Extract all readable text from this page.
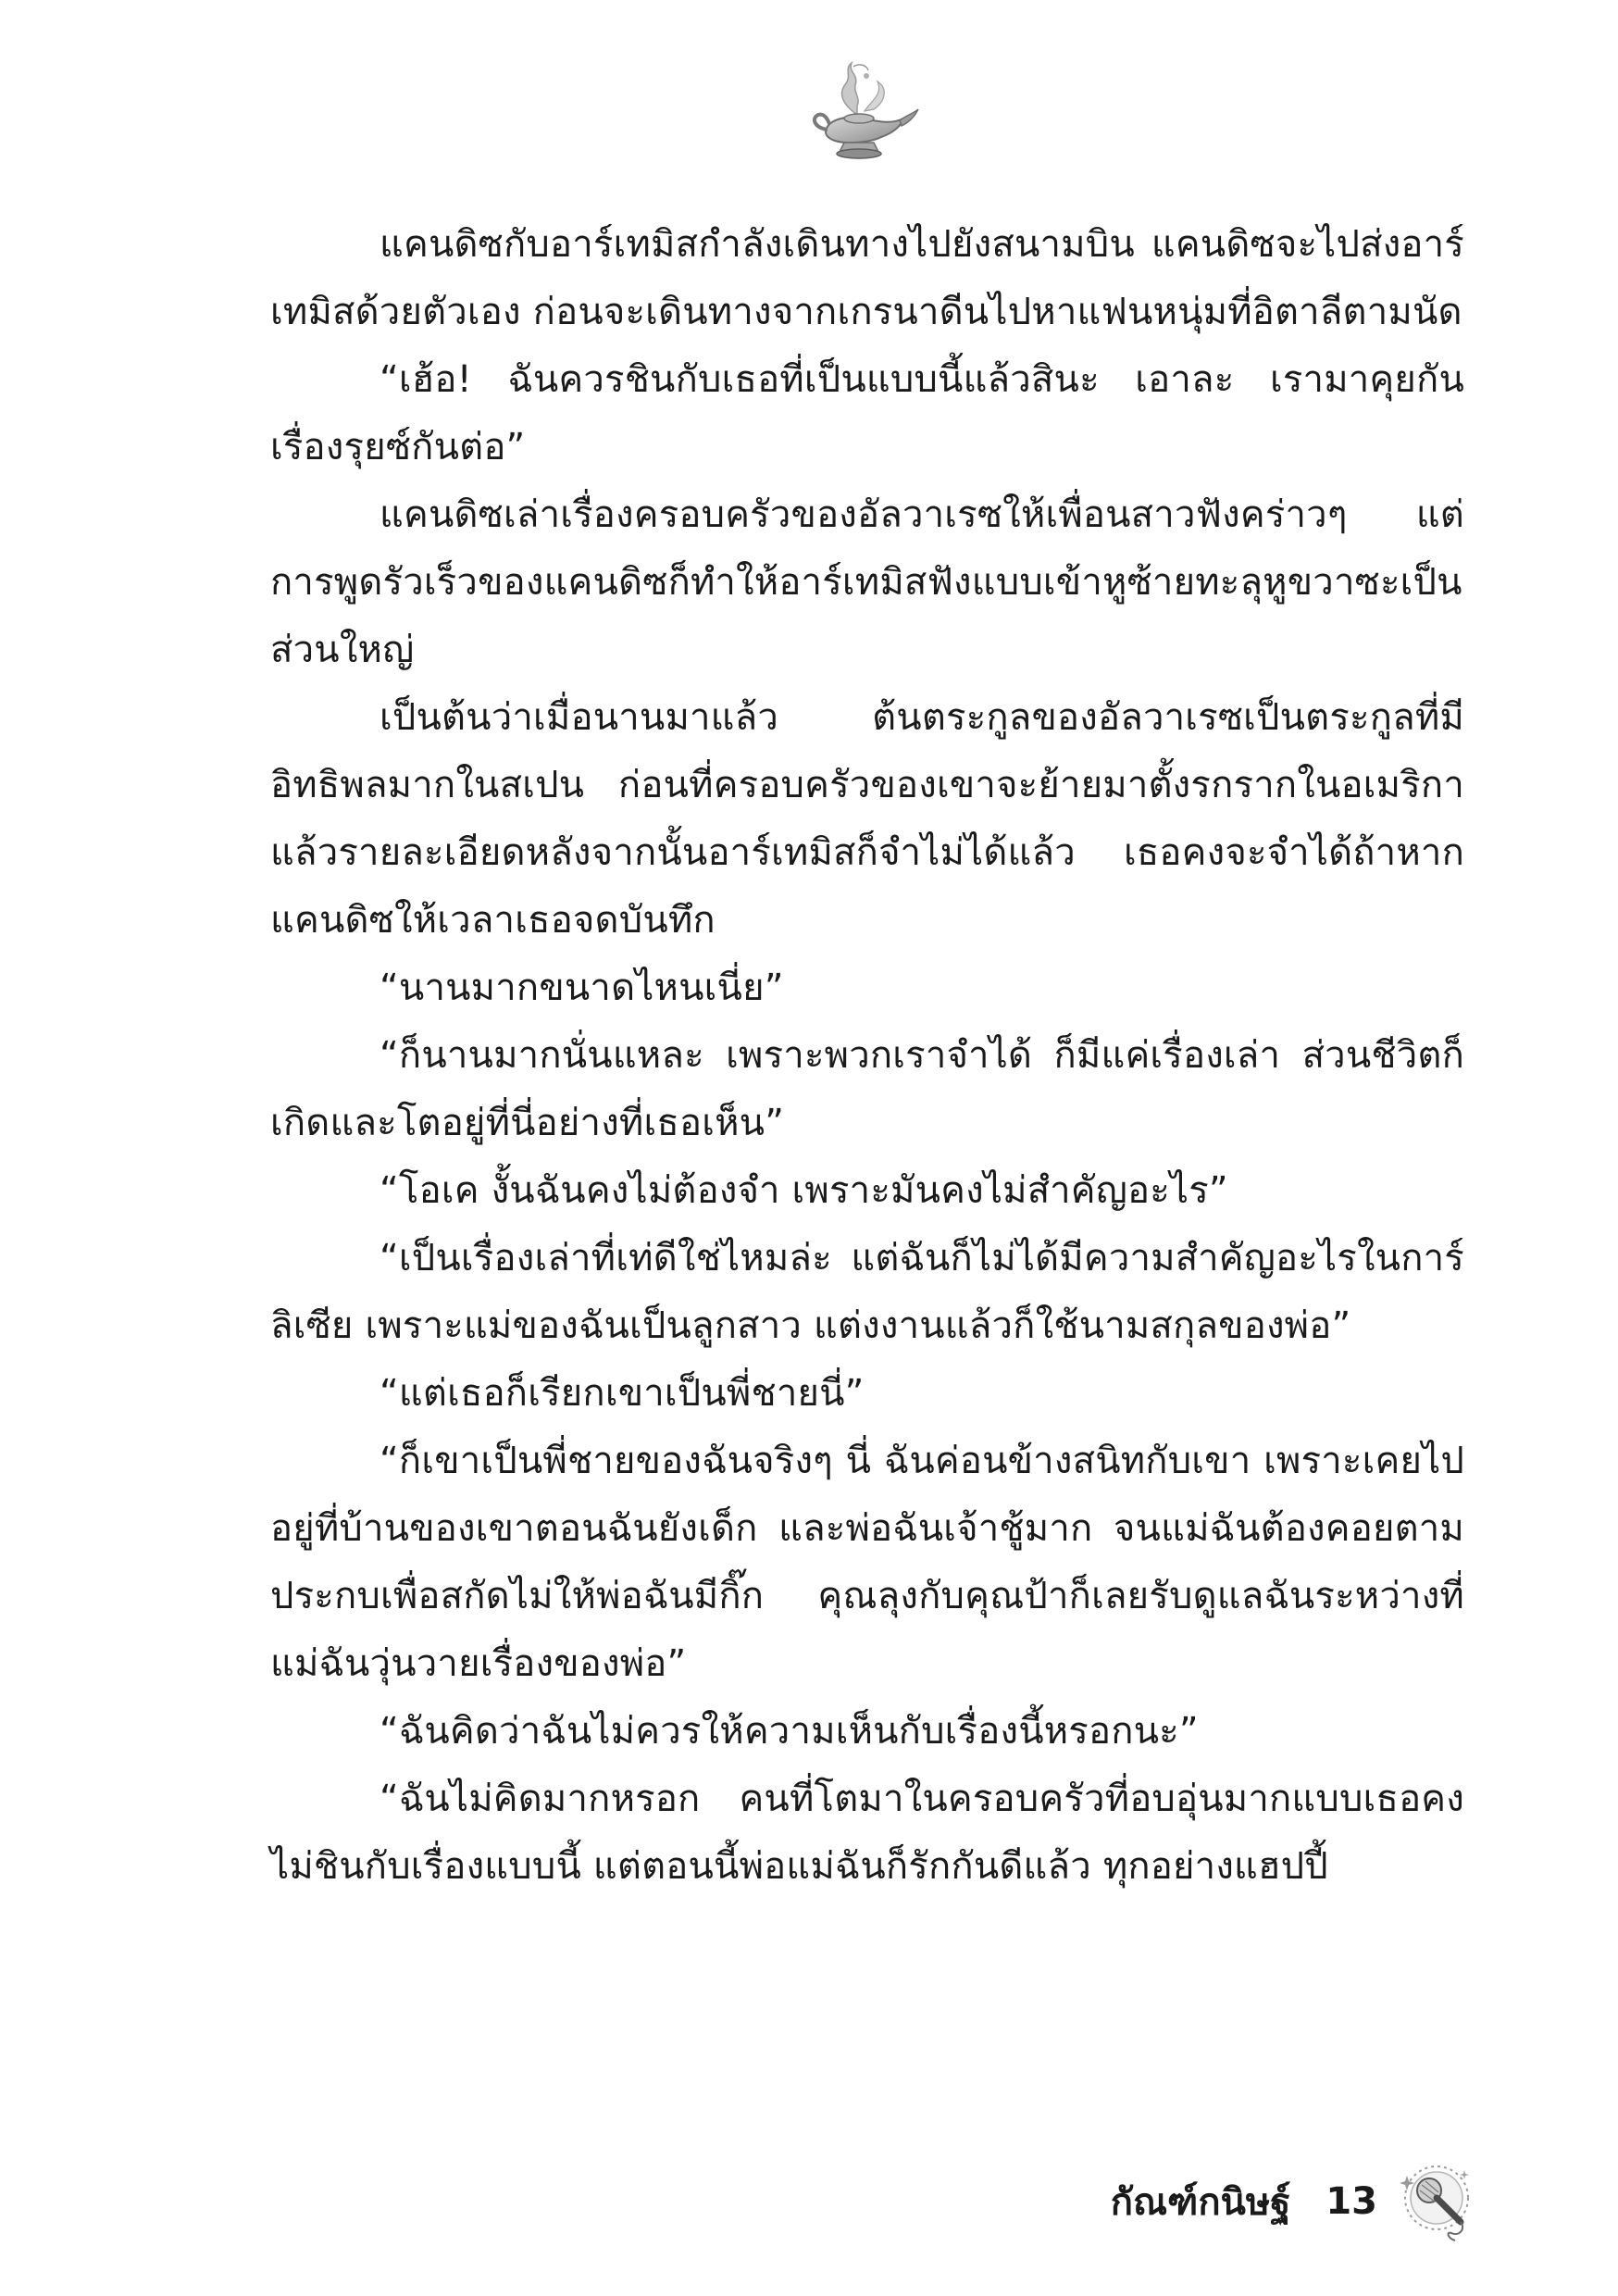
แคนดิซกับอาร์เทมิสกำลังเดินทางไปยังสนามบิน แคนดิซจะไปส่งอาร์เทมิสด้วยตัวเอง ก่อนจะเดินทางจากเกรนาดีนไปหาแฟนหนุ่มที่อิตาลีตามนัด

“เฮ้อ! ฉันควรชินกับเธอที่เป็นแบบนี้แล้วสินะ เอาละ เรามาคุยกันเรื่องรุยซ์กันต่อ”

แคนดิซเล่าเรื่องครอบครัวของอัลวาเรซให้เพื่อนสาวฟังคร่าวๆ แต่การพูดรัวเร็วของแคนดิซก็ทำให้อาร์เทมิสฟังแบบเข้าหูซ้ายทะลุหูขวาซะเป็นส่วนใหญ่

เป็นต้นว่าเมื่อนานมาแล้ว ต้นตระกูลของอัลวาเรซเป็นตระกูลที่มีอิทธิพลมากในสเปน ก่อนที่ครอบครัวของเขาจะย้ายมาตั้งรกรากในอเมริกา แล้วรายละเอียดหลังจากนั้นอาร์เทมิสก็จำไม่ได้แล้ว เธอคงจะจำได้ถ้าหากแคนดิซให้เวลาเธอจดบันทึก

“นานมากขนาดไหนเนี่ย”

“ก็นานมากนั่นแหละ เพราะพวกเราจำได้ ก็มีแค่เรื่องเล่า ส่วนชีวิตก็เกิดและโตอยู่ที่นี่อย่างที่เธอเห็น”

“โอเค งั้นฉันคงไม่ต้องจำ เพราะมันคงไม่สำคัญอะไร”

“เป็นเรื่องเล่าที่เท่ดีใช่ไหมล่ะ แต่ฉันก็ไม่ได้มีความสำคัญอะไรในการ์ลิเซีย เพราะแม่ของฉันเป็นลูกสาว แต่งงานแล้วก็ใช้นามสกุลของพ่อ”

“แต่เธอก็เรียกเขาเป็นพี่ชายนี่”

“ก็เขาเป็นพี่ชายของฉันจริงๆ นี่ ฉันค่อนข้างสนิทกับเขา เพราะเคยไปอยู่ที่บ้านของเขาตอนฉันยังเด็ก และพ่อฉันเจ้าชู้มาก จนแม่ฉันต้องคอยตามประกบเพื่อสกัดไม่ให้พ่อฉันมีกิ๊ก คุณลุงกับคุณป้าก็เลยรับดูแลฉันระหว่างที่แม่ฉันวุ่นวายเรื่องของพ่อ”

“ฉันคิดว่าฉันไม่ควรให้ความเห็นกับเรื่องนี้หรอกนะ”

“ฉันไม่คิดมากหรอก คนที่โตมาในครอบครัวที่อบอุ่นมากแบบเธอคงไม่ชินกับเรื่องแบบนี้ แต่ตอนนี้พ่อแม่ฉันก็รักกันดีแล้ว ทุกอย่างแฮปปี้

กัณฑ์กนิษฐ์ 13
